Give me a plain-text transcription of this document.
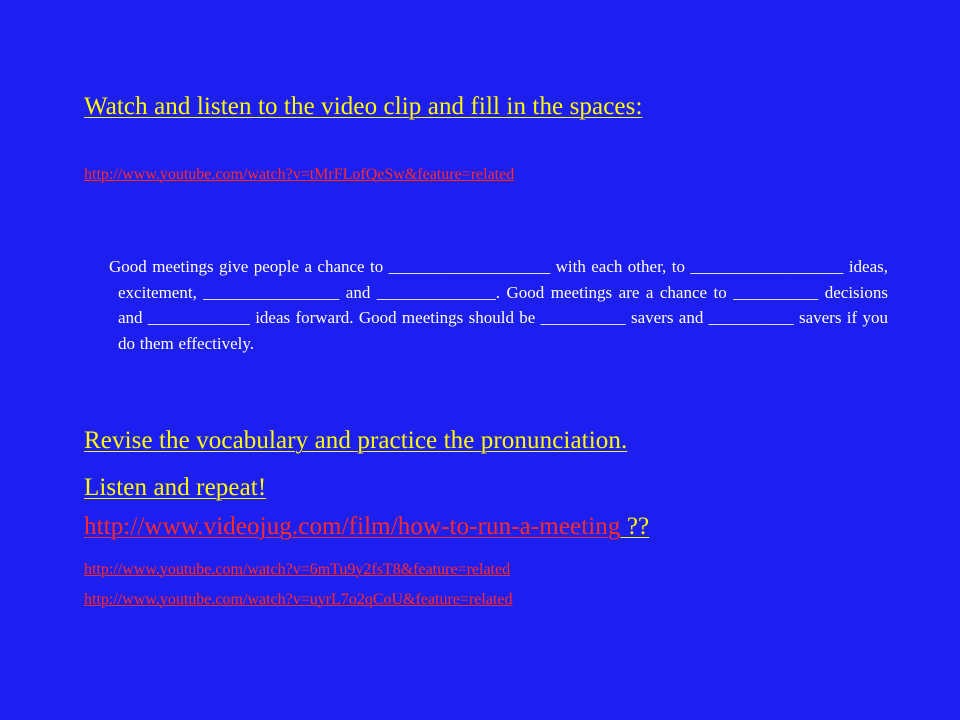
Watch and listen to the video clip and fill in the spaces:
http://www.youtube.com/watch?v=tMrFLofQeSw&feature=related

Good meetings give people a chance to ___________________ with each other, to __________________ ideas, excitement, ________________ and ______________. Good meetings are a chance to __________ decisions and ____________ ideas forward. Good meetings should be __________ savers and __________ savers if you do them effectively.

Revise the vocabulary and practice the pronunciation.
Listen and repeat!
http://www.videojug.com/film/how-to-run-a-meeting ??
http://www.youtube.com/watch?v=6mTu9y2fsT8&feature=related
http://www.youtube.com/watch?v=uyrL7o2qCoU&feature=related
